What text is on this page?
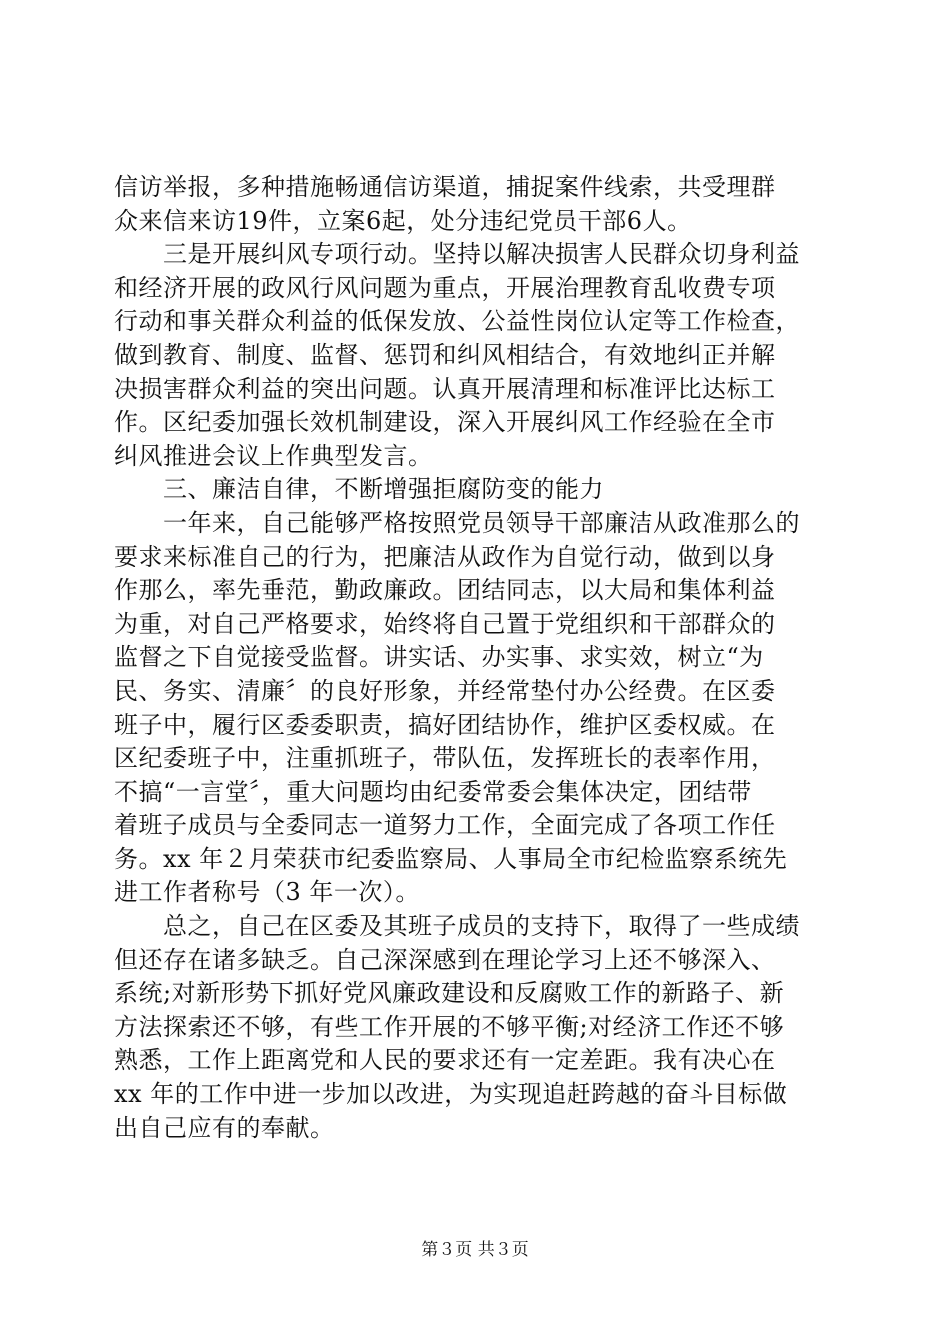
信访举报，多种措施畅通信访渠道，捕捉案件线索，共受理群
众来信来访19件，立案6起，处分违纪党员干部6人。
　　三是开展纠风专项行动。坚持以解决损害人民群众切身利益
和经济开展的政风行风问题为重点，开展治理教育乱收费专项
行动和事关群众利益的低保发放、公益性岗位认定等工作检查，
做到教育、制度、监督、惩罚和纠风相结合，有效地纠正并解
决损害群众利益的突出问题。认真开展清理和标准评比达标工
作。区纪委加强长效机制建设，深入开展纠风工作经验在全市
纠风推进会议上作典型发言。
　　三、廉洁自律，不断增强拒腐防变的能力
　　一年来，自己能够严格按照党员领导干部廉洁从政准那么的
要求来标准自己的行为，把廉洁从政作为自觉行动，做到以身
作那么，率先垂范，勤政廉政。团结同志，以大局和集体利益
为重，对自己严格要求，始终将自己置于党组织和干部群众的
监督之下自觉接受监督。讲实话、办实事、求实效，树立“为
民、务实、清廉〞的良好形象，并经常垫付办公经费。在区委
班子中，履行区委委职责，搞好团结协作，维护区委权威。在
区纪委班子中，注重抓班子，带队伍，发挥班长的表率作用，
不搞“一言堂〞，重大问题均由纪委常委会集体决定，团结带
着班子成员与全委同志一道努力工作，全面完成了各项工作任
务。xx 年２月荣获市纪委监察局、人事局全市纪检监察系统先
进工作者称号（3 年一次）。
　　总之，自己在区委及其班子成员的支持下，取得了一些成绩
但还存在诸多缺乏。自己深深感到在理论学习上还不够深入、
系统;对新形势下抓好党风廉政建设和反腐败工作的新路子、新
方法探索还不够，有些工作开展的不够平衡;对经济工作还不够
熟悉，工作上距离党和人民的要求还有一定差距。我有决心在
xx 年的工作中进一步加以改进，为实现追赶跨越的奋斗目标做
出自己应有的奉献。
第３页 共３页
